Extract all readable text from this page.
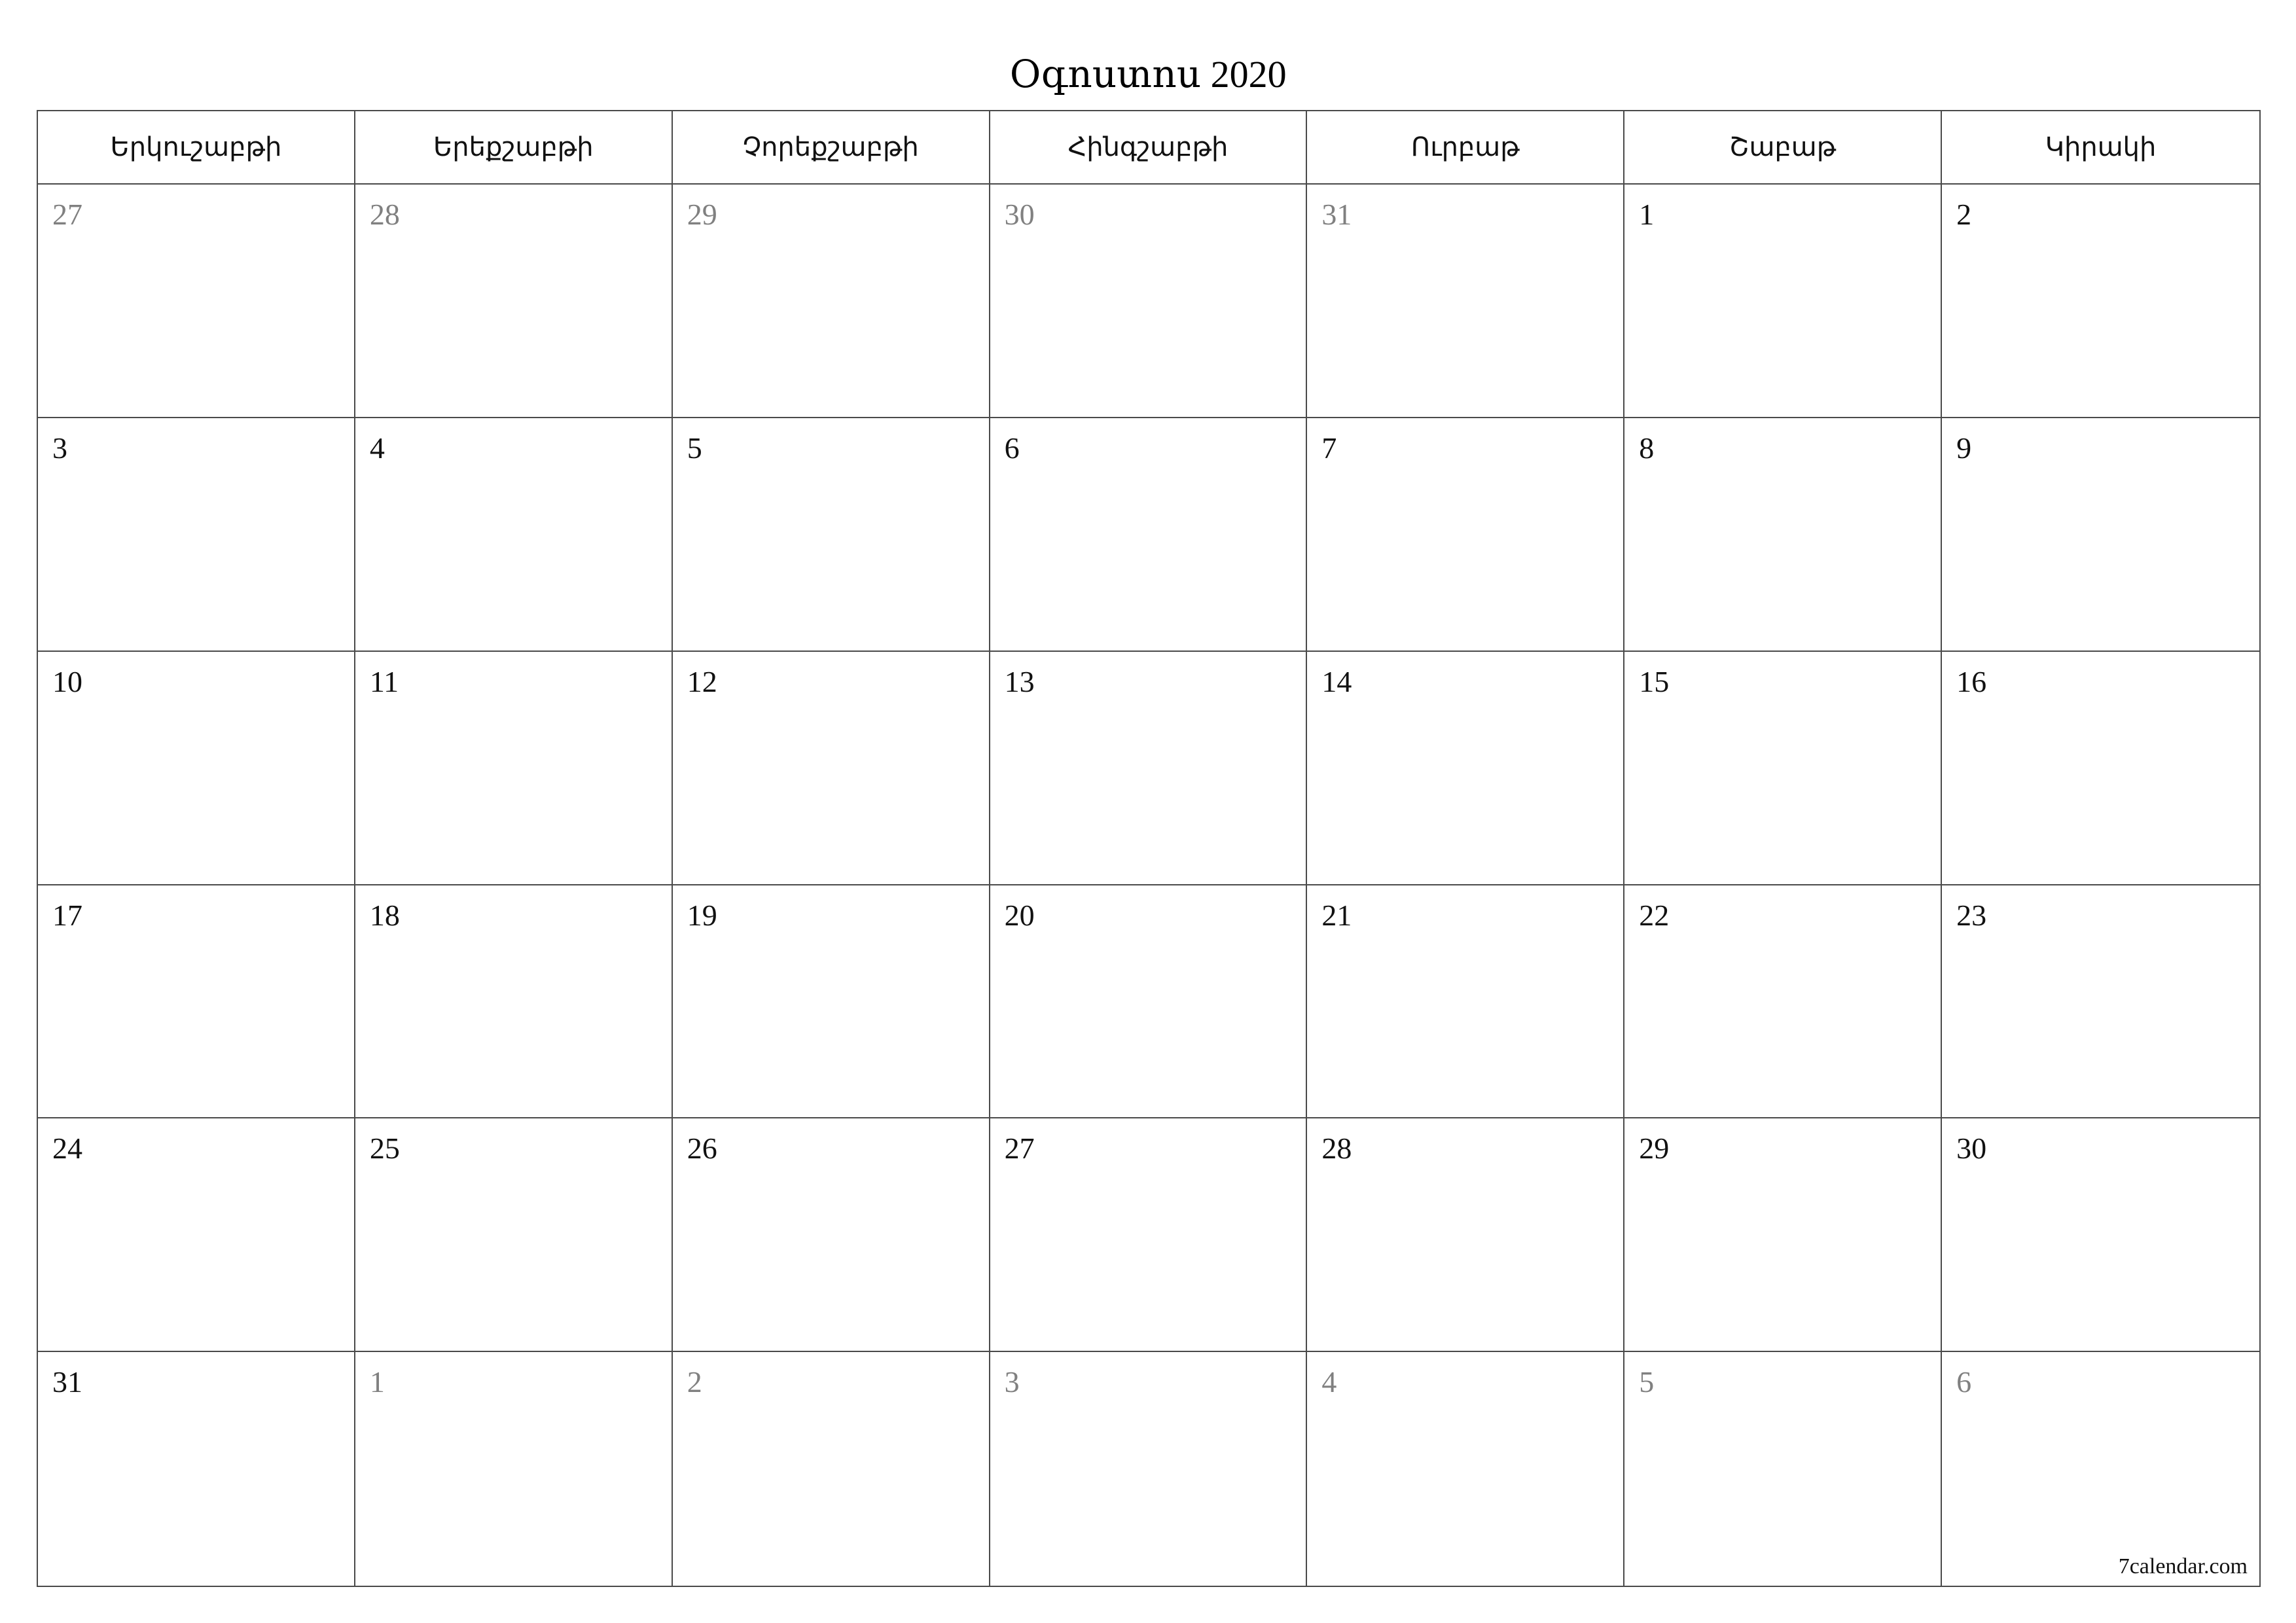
Օգոստոս 2020
Երկուշաբթի	Երեքշաբթի	Չորեքշաբթի	Հինգշաբթի	Ուրբաթ	Շաբաթ	Կիրակի
27	28	29	30	31	1	2
3	4	5	6	7	8	9
10	11	12	13	14	15	16
17	18	19	20	21	22	23
24	25	26	27	28	29	30
31	1	2	3	4	5	6
7calendar.com
